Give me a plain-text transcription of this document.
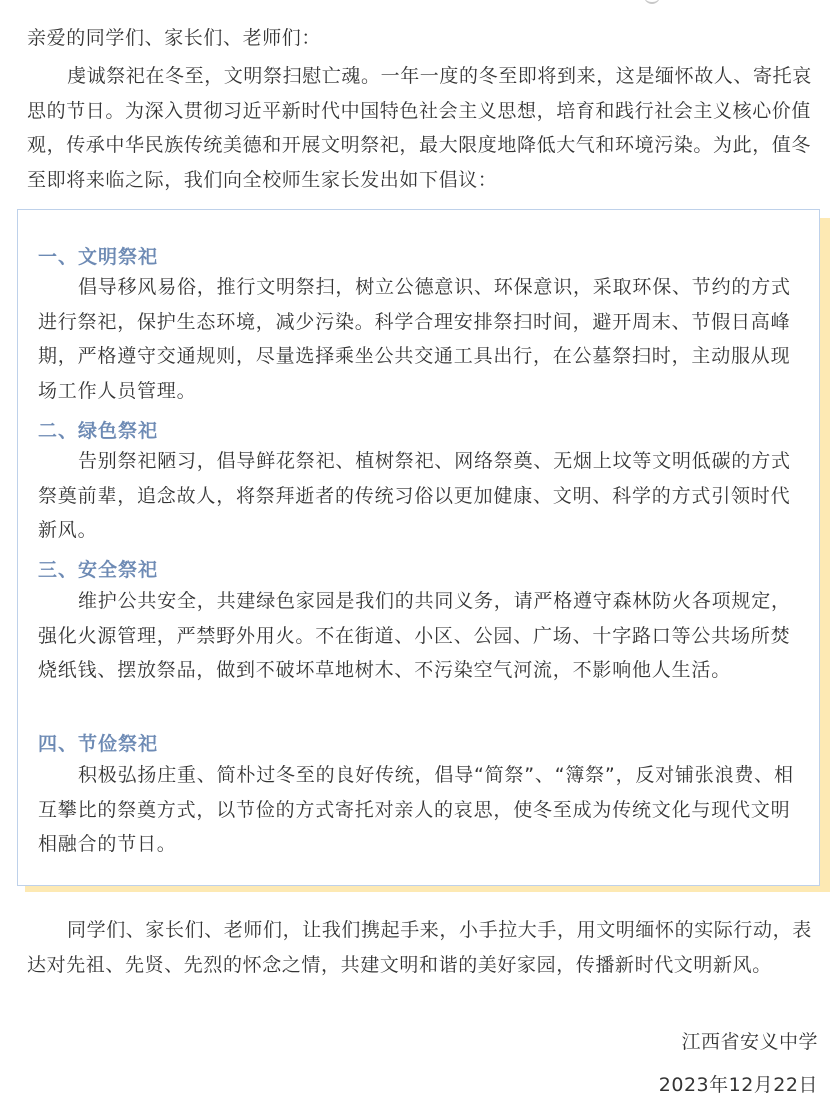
亲爱的同学们、家长们、老师们：

虔诚祭祀在冬至，文明祭扫慰亡魂。一年一度的冬至即将到来，这是缅怀故人、寄托哀思的节日。为深入贯彻习近平新时代中国特色社会主义思想，培育和践行社会主义核心价值观，传承中华民族传统美德和开展文明祭祀，最大限度地降低大气和环境污染。为此，值冬至即将来临之际，我们向全校师生家长发出如下倡议：

一、文明祭祀

倡导移风易俗，推行文明祭扫，树立公德意识、环保意识，采取环保、节约的方式进行祭祀，保护生态环境，减少污染。科学合理安排祭扫时间，避开周末、节假日高峰期，严格遵守交通规则，尽量选择乘坐公共交通工具出行，在公墓祭扫时，主动服从现场工作人员管理。

二、绿色祭祀

告别祭祀陋习，倡导鲜花祭祀、植树祭祀、网络祭奠、无烟上坟等文明低碳的方式祭奠前辈，追念故人，将祭拜逝者的传统习俗以更加健康、文明、科学的方式引领时代新风。

三、安全祭祀

维护公共安全，共建绿色家园是我们的共同义务，请严格遵守森林防火各项规定，强化火源管理，严禁野外用火。不在街道、小区、公园、广场、十字路口等公共场所焚烧纸钱、摆放祭品，做到不破坏草地树木、不污染空气河流，不影响他人生活。

四、节俭祭祀

积极弘扬庄重、简朴过冬至的良好传统，倡导“简祭”、“簿祭”，反对铺张浪费、相互攀比的祭奠方式，以节俭的方式寄托对亲人的哀思，使冬至成为传统文化与现代文明相融合的节日。

同学们、家长们、老师们，让我们携起手来，小手拉大手，用文明缅怀的实际行动，表达对先祖、先贤、先烈的怀念之情，共建文明和谐的美好家园，传播新时代文明新风。

江西省安义中学

2023年12月22日
